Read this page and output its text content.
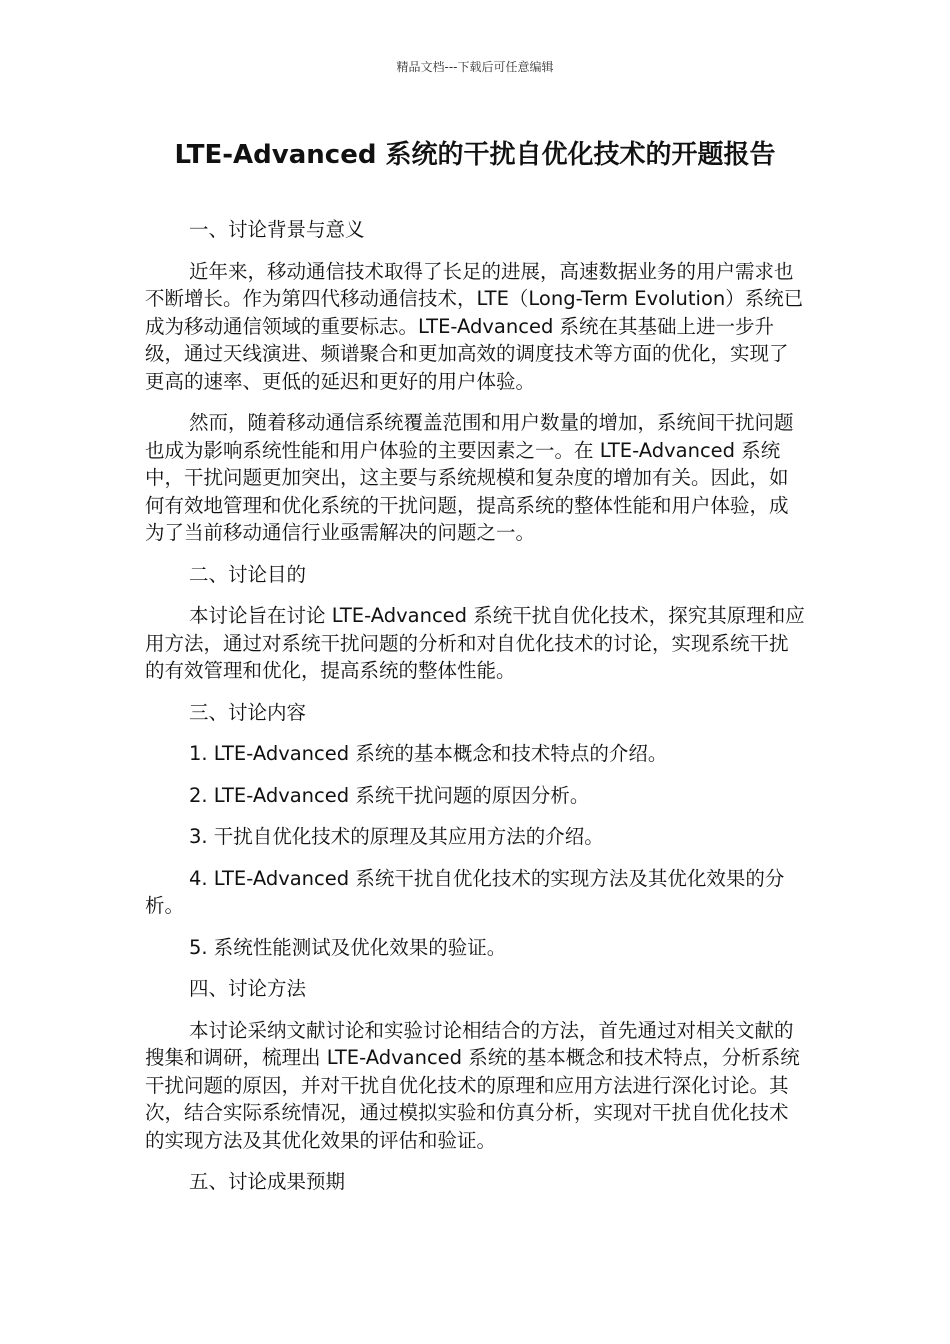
精品文档---下载后可任意编辑
LTE-Advanced 系统的干扰自优化技术的开题报告

一、讨论背景与意义

近年来，移动通信技术取得了长足的进展，高速数据业务的用户需求也不断增长。作为第四代移动通信技术，LTE（Long-Term Evolution）系统已成为移动通信领域的重要标志。LTE-Advanced 系统在其基础上进一步升级，通过天线演进、频谱聚合和更加高效的调度技术等方面的优化，实现了更高的速率、更低的延迟和更好的用户体验。

然而，随着移动通信系统覆盖范围和用户数量的增加，系统间干扰问题也成为影响系统性能和用户体验的主要因素之一。在 LTE-Advanced 系统中，干扰问题更加突出，这主要与系统规模和复杂度的增加有关。因此，如何有效地管理和优化系统的干扰问题，提高系统的整体性能和用户体验，成为了当前移动通信行业亟需解决的问题之一。

二、讨论目的

本讨论旨在讨论 LTE-Advanced 系统干扰自优化技术，探究其原理和应用方法，通过对系统干扰问题的分析和对自优化技术的讨论，实现系统干扰的有效管理和优化，提高系统的整体性能。

三、讨论内容

1. LTE-Advanced 系统的基本概念和技术特点的介绍。

2. LTE-Advanced 系统干扰问题的原因分析。

3. 干扰自优化技术的原理及其应用方法的介绍。

4. LTE-Advanced 系统干扰自优化技术的实现方法及其优化效果的分析。

5. 系统性能测试及优化效果的验证。

四、讨论方法

本讨论采纳文献讨论和实验讨论相结合的方法，首先通过对相关文献的搜集和调研，梳理出 LTE-Advanced 系统的基本概念和技术特点，分析系统干扰问题的原因，并对干扰自优化技术的原理和应用方法进行深化讨论。其次，结合实际系统情况，通过模拟实验和仿真分析，实现对干扰自优化技术的实现方法及其优化效果的评估和验证。

五、讨论成果预期
